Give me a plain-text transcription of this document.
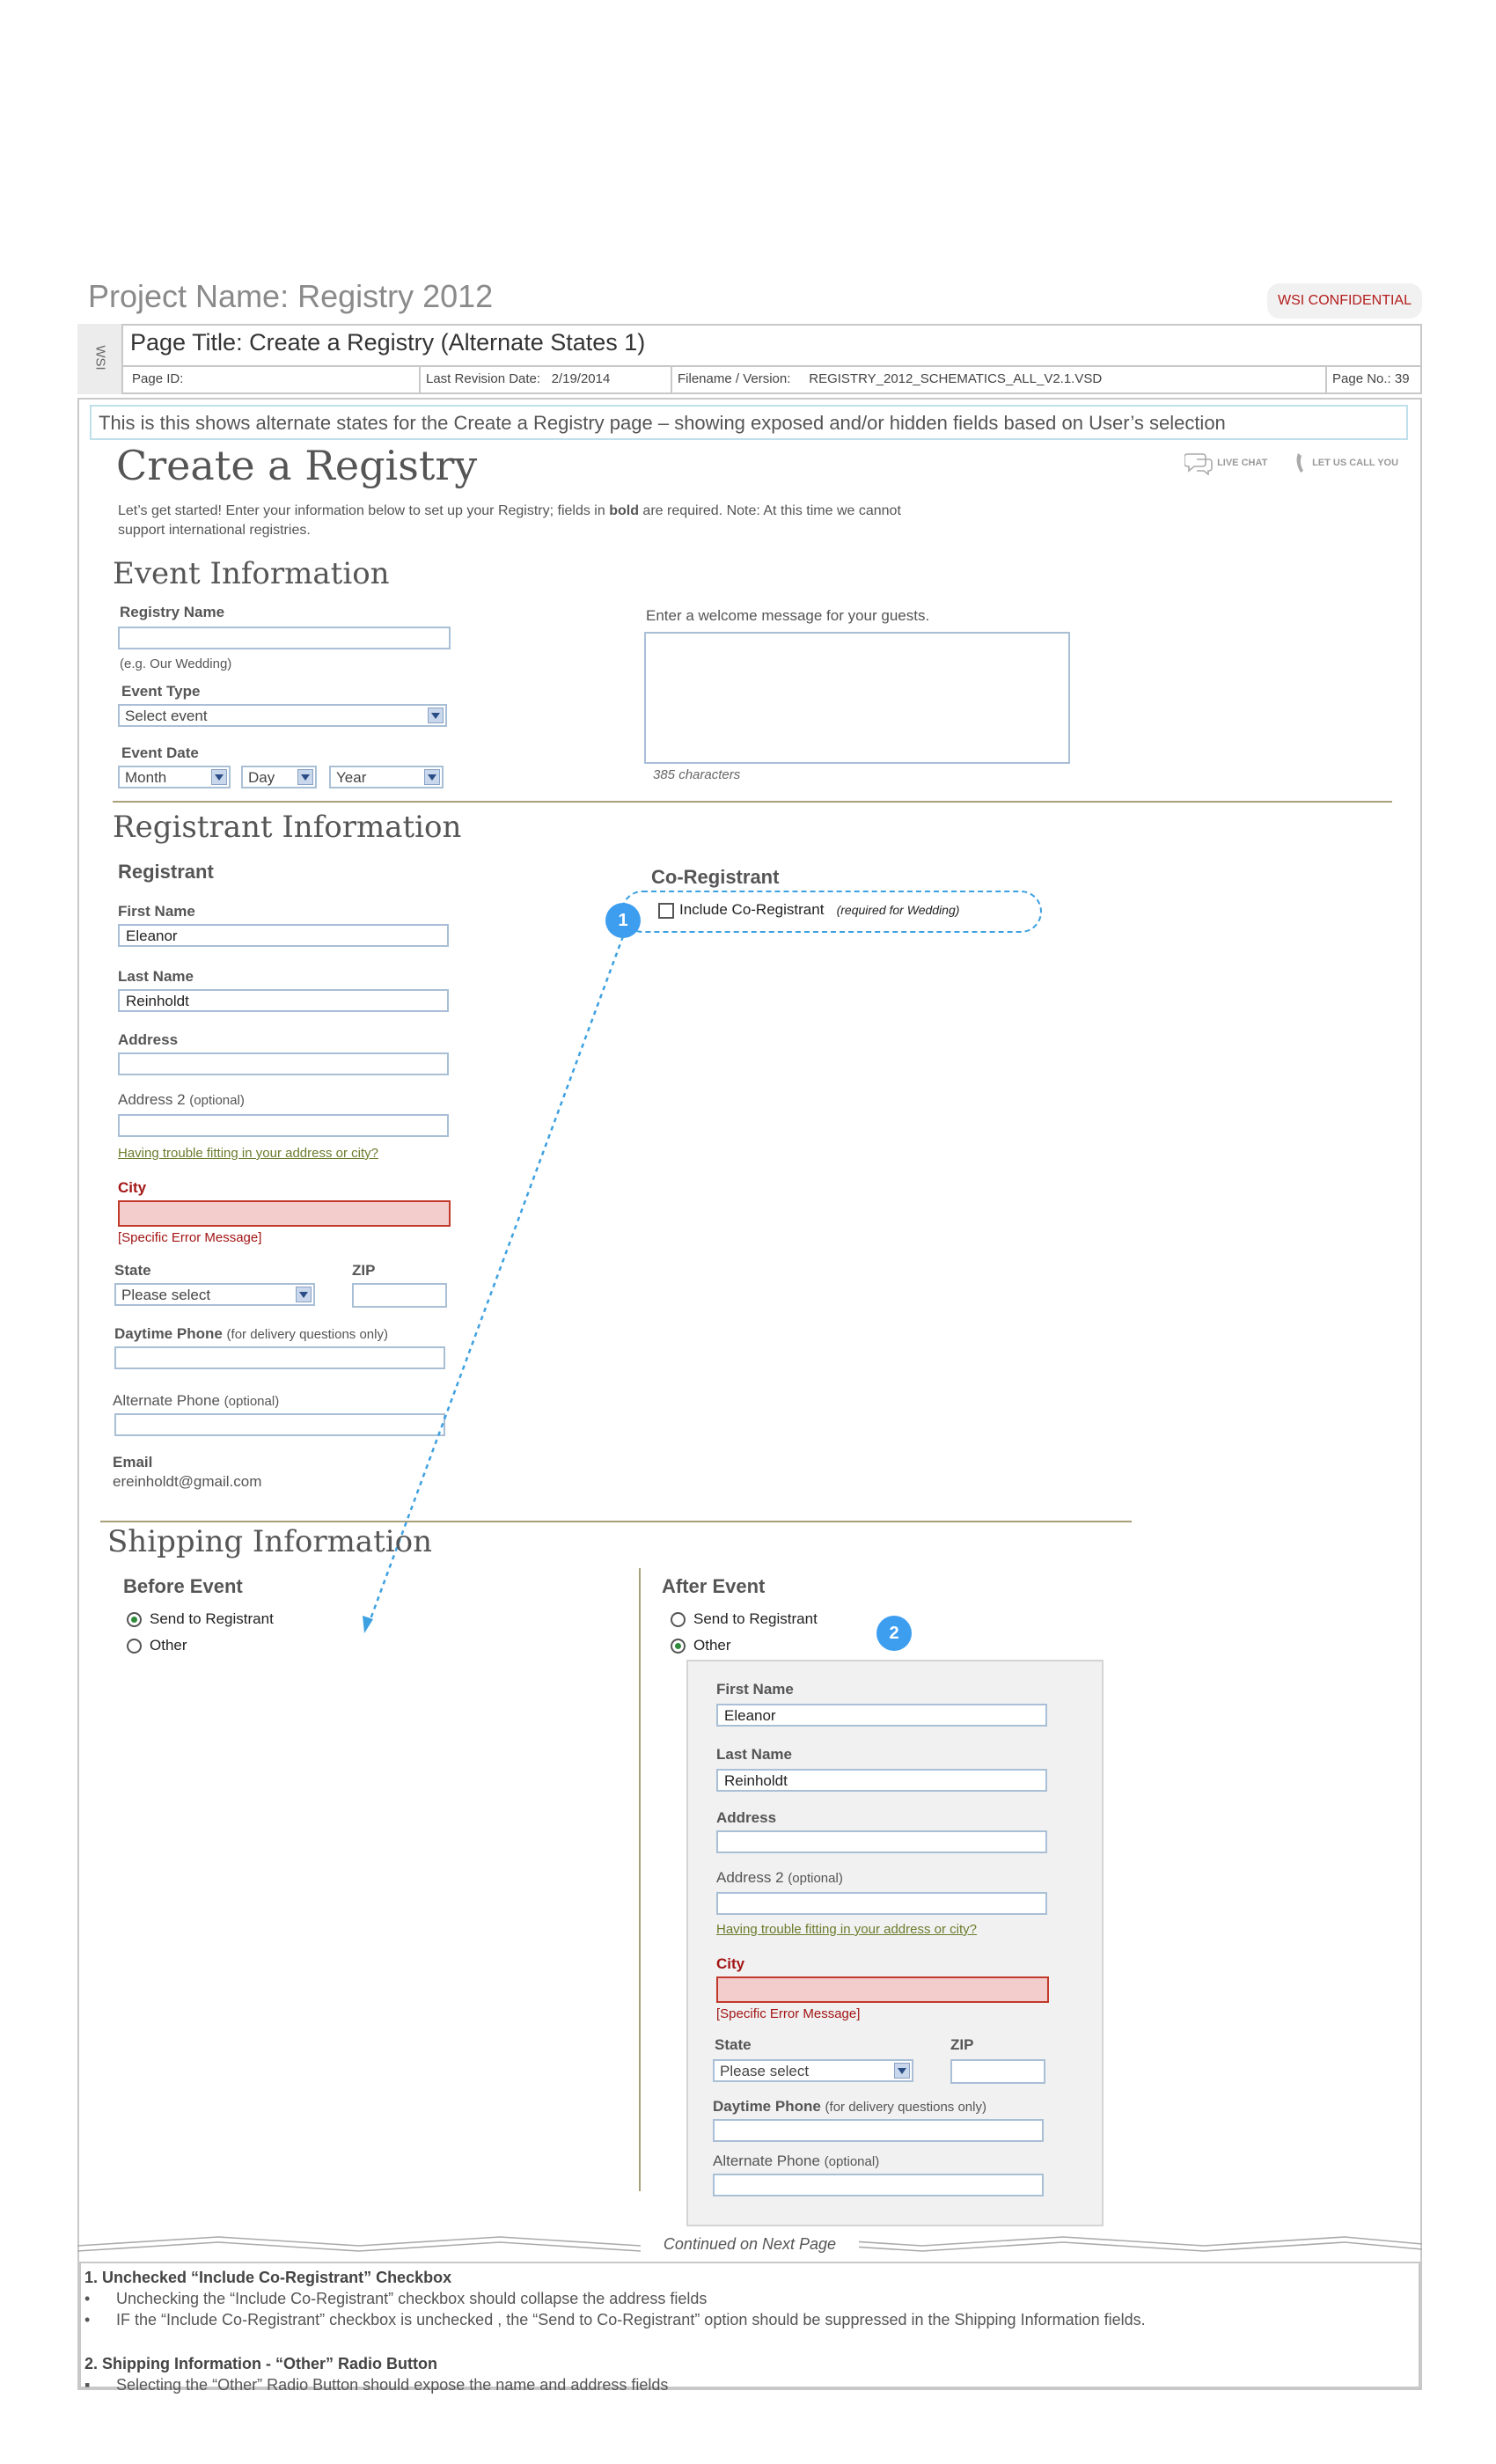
Project Name: Registry 2012	WSI CONFIDENTIAL
WSI
Page Title: Create a Registry (Alternate States 1)
Page ID:	Last Revision Date: 2/19/2014	Filename / Version: REGISTRY_2012_SCHEMATICS_ALL_V2.1.VSD	Page No.: 39
This is this shows alternate states for the Create a Registry page – showing exposed and/or hidden fields based on User’s selection
Create a Registry	LIVE CHAT	LET US CALL YOU
Let’s get started! Enter your information below to set up your Registry; fields in bold are required. Note: At this time we cannot
support international registries.
Event Information
Registry Name
(e.g. Our Wedding)
Event Type
Select event
Event Date
Month	Day	Year
Enter a welcome message for your guests.
385 characters
Registrant Information
Registrant
First Name
Eleanor
Last Name
Reinholdt
Address
Address 2 (optional)
Having trouble fitting in your address or city?
City
[Specific Error Message]
State
Please select
ZIP
Daytime Phone (for delivery questions only)
Alternate Phone (optional)
Email
ereinholdt@gmail.com
Co-Registrant
Include Co-Registrant (required for Wedding)
1
Shipping Information
Before Event
Send to Registrant
Other
After Event
Send to Registrant
Other
2
First Name
Eleanor
Last Name
Reinholdt
Address
Address 2 (optional)
Having trouble fitting in your address or city?
City
[Specific Error Message]
State
Please select
ZIP
Daytime Phone (for delivery questions only)
Alternate Phone (optional)
Continued on Next Page
1. Unchecked “Include Co-Registrant” Checkbox
• Unchecking the “Include Co-Registrant” checkbox should collapse the address fields
• IF the “Include Co-Registrant” checkbox is unchecked , the “Send to Co-Registrant” option should be suppressed in the Shipping Information fields.
2. Shipping Information - “Other” Radio Button
▪ Selecting the “Other” Radio Button should expose the name and address fields
